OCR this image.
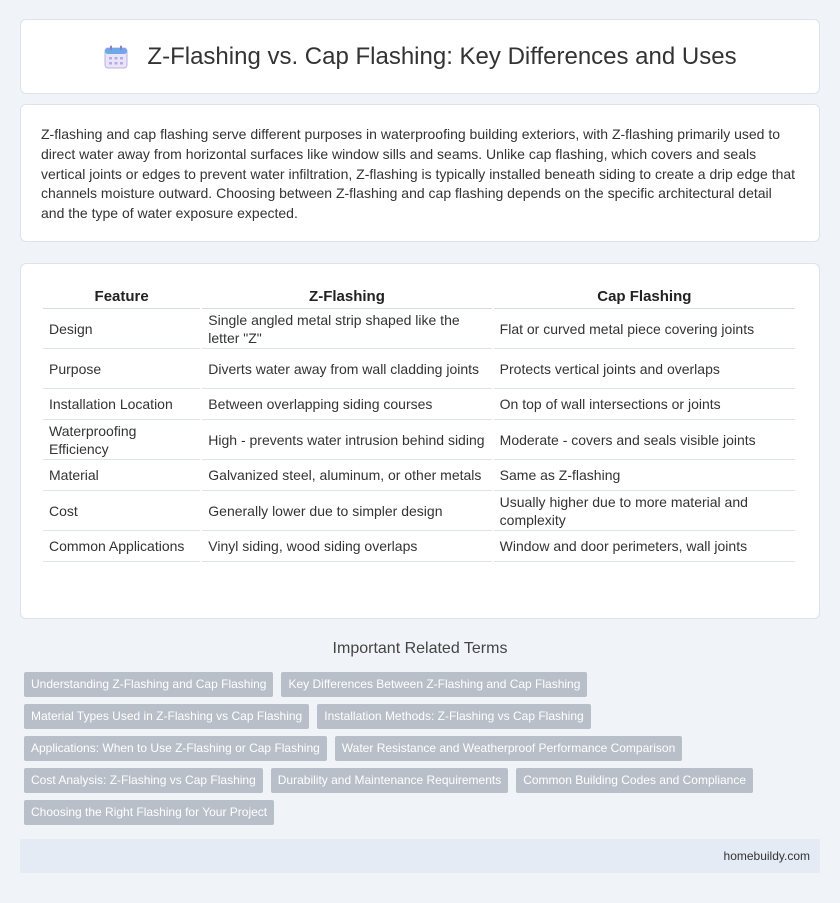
Z-Flashing vs. Cap Flashing: Key Differences and Uses

Z-flashing and cap flashing serve different purposes in waterproofing building exteriors, with Z-flashing primarily used to direct water away from horizontal surfaces like window sills and seams. Unlike cap flashing, which covers and seals vertical joints or edges to prevent water infiltration, Z-flashing is typically installed beneath siding to create a drip edge that channels moisture outward. Choosing between Z-flashing and cap flashing depends on the specific architectural detail and the type of water exposure expected.

Feature	Z-Flashing	Cap Flashing
Design	Single angled metal strip shaped like the letter "Z"	Flat or curved metal piece covering joints
Purpose	Diverts water away from wall cladding joints	Protects vertical joints and overlaps
Installation Location	Between overlapping siding courses	On top of wall intersections or joints
Waterproofing Efficiency	High - prevents water intrusion behind siding	Moderate - covers and seals visible joints
Material	Galvanized steel, aluminum, or other metals	Same as Z-flashing
Cost	Generally lower due to simpler design	Usually higher due to more material and complexity
Common Applications	Vinyl siding, wood siding overlaps	Window and door perimeters, wall joints
Important Related Terms
Understanding Z-Flashing and Cap Flashing	Key Differences Between Z-Flashing and Cap Flashing
Material Types Used in Z-Flashing vs Cap Flashing	Installation Methods: Z-Flashing vs Cap Flashing
Applications: When to Use Z-Flashing or Cap Flashing	Water Resistance and Weatherproof Performance Comparison
Cost Analysis: Z-Flashing vs Cap Flashing	Durability and Maintenance Requirements	Common Building Codes and Compliance
Choosing the Right Flashing for Your Project
homebuildy.com
